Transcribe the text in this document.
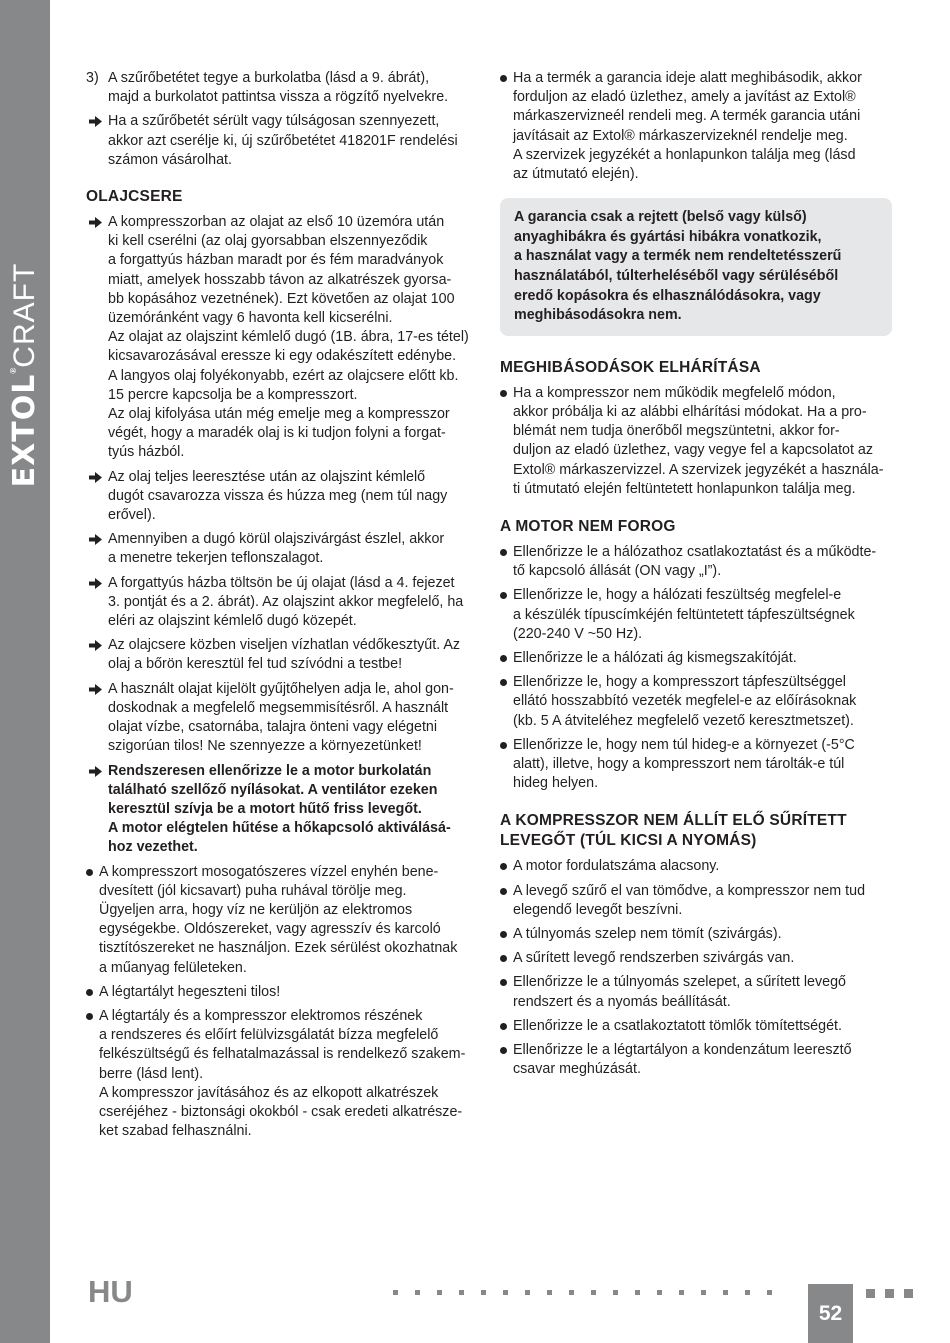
EXTOL®CRAFT
3) A szűrőbetétet tegye a burkolatba (lásd a 9. ábrát),
majd a burkolatot pattintsa vissza a rögzítő nyelvekre.
Ha a szűrőbetét sérült vagy túlságosan szennyezett,
akkor azt cserélje ki, új szűrőbetétet 418201F rendelési
számon vásárolhat.
OLAJCSERE
A kompresszorban az olajat az első 10 üzemóra után
ki kell cserélni (az olaj gyorsabban elszennyeződik
a forgattyús házban maradt por és fém maradványok
miatt, amelyek hosszabb távon az alkatrészek gyorsa-
bb kopásához vezetnének). Ezt követően az olajat 100
üzemóránként vagy 6 havonta kell kicserélni.
Az olajat az olajszint kémlelő dugó (1B. ábra, 17-es tétel)
kicsavarozásával eressze ki egy odakészített edénybe.
A langyos olaj folyékonyabb, ezért az olajcsere előtt kb.
15 percre kapcsolja be a kompresszort.
Az olaj kifolyása után még emelje meg a kompresszor
végét, hogy a maradék olaj is ki tudjon folyni a forgat-
tyús házból.
Az olaj teljes leeresztése után az olajszint kémlelő
dugót csavarozza vissza és húzza meg (nem túl nagy
erővel).
Amennyiben a dugó körül olajszivárgást észlel, akkor
a menetre tekerjen teflonszalagot.
A forgattyús házba töltsön be új olajat (lásd a 4. fejezet
3. pontját és a 2. ábrát). Az olajszint akkor megfelelő, ha
eléri az olajszint kémlelő dugó közepét.
Az olajcsere közben viseljen vízhatlan védőkesztyűt. Az
olaj a bőrön keresztül fel tud szívódni a testbe!
A használt olajat kijelölt gyűjtőhelyen adja le, ahol gon-
doskodnak a megfelelő megsemmisítésről. A használt
olajat vízbe, csatornába, talajra önteni vagy elégetni
szigorúan tilos! Ne szennyezze a környezetünket!
Rendszeresen ellenőrizze le a motor burkolatán
található szellőző nyílásokat. A ventilátor ezeken
keresztül szívja be a motort hűtő friss levegőt.
A motor elégtelen hűtése a hőkapcsoló aktiválásá-
hoz vezethet.
A kompresszort mosogatószeres vízzel enyhén bene-
dvesített (jól kicsavart) puha ruhával törölje meg.
Ügyeljen arra, hogy víz ne kerüljön az elektromos
egységekbe. Oldószereket, vagy agresszív és karcoló
tisztítószereket ne használjon. Ezek sérülést okozhatnak
a műanyag felületeken.
A légtartályt hegeszteni tilos!
A légtartály és a kompresszor elektromos részének
a rendszeres és előírt felülvizsgálatát bízza megfelelő
felkészültségű és felhatalmazással is rendelkező szakem-
berre (lásd lent).
A kompresszor javításához és az elkopott alkatrészek
cseréjéhez - biztonsági okokból - csak eredeti alkatrésze-
ket szabad felhasználni.
Ha a termék a garancia ideje alatt meghibásodik, akkor
forduljon az eladó üzlethez, amely a javítást az Extol®
márkaszervizneél rendeli meg. A termék garancia utáni
javításait az Extol® márkaszervizeknél rendelje meg.
A szervizek jegyzékét a honlapunkon találja meg (lásd
az útmutató elején).
A garancia csak a rejtett (belső vagy külső)
anyaghibákra és gyártási hibákra vonatkozik,
a használat vagy a termék nem rendeltetésszerű
használatából, túlterheléséből vagy sérüléséből
eredő kopásokra és elhasználódásokra, vagy
meghibásodásokra nem.
MEGHIBÁSODÁSOK ELHÁRÍTÁSA
Ha a kompresszor nem működik megfelelő módon,
akkor próbálja ki az alábbi elhárítási módokat. Ha a pro-
blémát nem tudja önerőből megszüntetni, akkor for-
duljon az eladó üzlethez, vagy vegye fel a kapcsolatot az
Extol® márkaszervizzel. A szervizek jegyzékét a használa-
ti útmutató elején feltüntetett honlapunkon találja meg.
A MOTOR NEM FOROG
Ellenőrizze le a hálózathoz csatlakoztatást és a működte-
tő kapcsoló állását (ON vagy „I”).
Ellenőrizze le, hogy a hálózati feszültség megfelel-e
a készülék típuscímkéjén feltüntetett tápfeszültségnek
(220-240 V ~50 Hz).
Ellenőrizze le a hálózati ág kismegszakítóját.
Ellenőrizze le, hogy a kompresszort tápfeszültséggel
ellátó hosszabbító vezeték megfelel-e az előírásoknak
(kb. 5 A átviteléhez megfelelő vezető keresztmetszet).
Ellenőrizze le, hogy nem túl hideg-e a környezet (-5°C
alatt), illetve, hogy a kompresszort nem tárolták-e túl
hideg helyen.
A KOMPRESSZOR NEM ÁLLÍT ELŐ SŰRÍTETT
LEVEGŐT (TÚL KICSI A NYOMÁS)
A motor fordulatszáma alacsony.
A levegő szűrő el van tömődve, a kompresszor nem tud
elegendő levegőt beszívni.
A túlnyomás szelep nem tömít (szivárgás).
A sűrített levegő rendszerben szivárgás van.
Ellenőrizze le a túlnyomás szelepet, a sűrített levegő
rendszert és a nyomás beállítását.
Ellenőrizze le a csatlakoztatott tömlők tömítettségét.
Ellenőrizze le a légtartályon a kondenzátum leeresztő
csavar meghúzását.
HU
52
